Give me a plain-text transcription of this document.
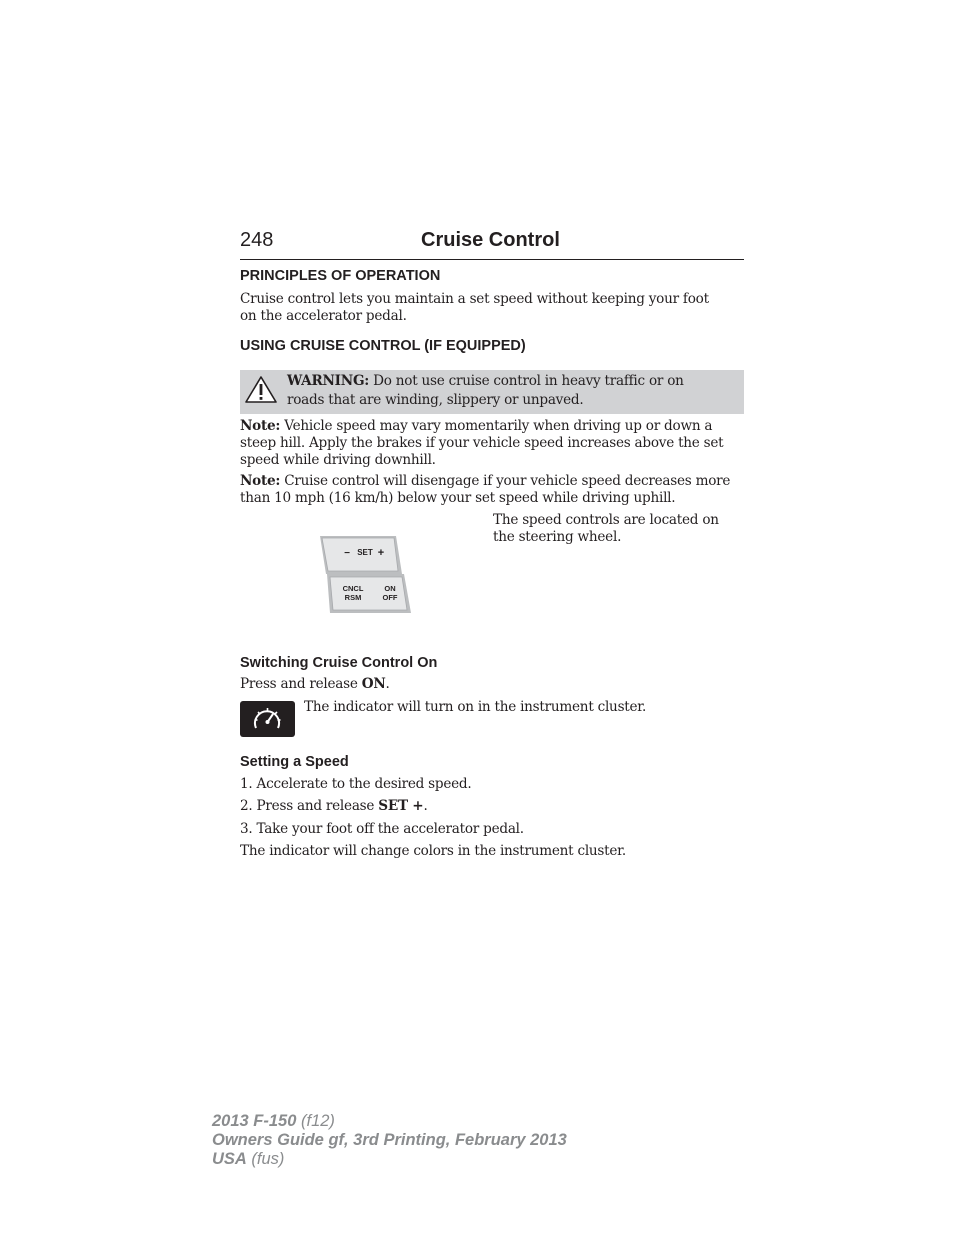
248	Cruise Control
PRINCIPLES OF OPERATION
Cruise control lets you maintain a set speed without keeping your foot
on the accelerator pedal.
USING CRUISE CONTROL (IF EQUIPPED)
WARNING: Do not use cruise control in heavy traffic or on
roads that are winding, slippery or unpaved.
Note: Vehicle speed may vary momentarily when driving up or down a
steep hill. Apply the brakes if your vehicle speed increases above the set
speed while driving downhill.
Note: Cruise control will disengage if your vehicle speed decreases more
than 10 mph (16 km/h) below your set speed while driving uphill.
− SET +
CNCL
RSM
ON
OFF
The speed controls are located on
the steering wheel.
Switching Cruise Control On
Press and release ON.
The indicator will turn on in the instrument cluster.
Setting a Speed
1. Accelerate to the desired speed.
2. Press and release SET +.
3. Take your foot off the accelerator pedal.
The indicator will change colors in the instrument cluster.
2013 F-150 (f12)
Owners Guide gf, 3rd Printing, February 2013
USA (fus)
